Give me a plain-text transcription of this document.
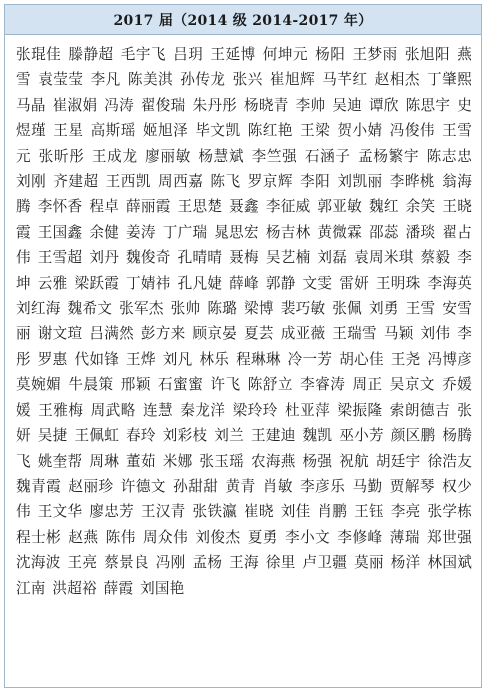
2017 届（2014 级 2014-2017 年）
张琨佳 滕静超 毛宇飞 吕玥 王延博 何坤元 杨阳 王梦雨 张旭阳 燕雪 袁莹莹 李凡 陈美淇 孙传龙 张兴 崔旭辉 马芊红 赵相杰 丁肇熙 马晶 崔淑娟 冯涛 翟俊瑞 朱丹彤 杨晓青 李帅 吴迪 谭欣 陈思宇 史煜瑾 王星 高斯瑶 姬旭泽 毕文凯 陈红艳 王梁 贺小婧 冯俊伟 王雪元 张昕彤 王成龙 廖丽敏 杨慧斌 李竺强 石涵子 孟杨繁宇 陈志忠 刘刚 齐建超 王西凯 周西嘉 陈飞 罗京辉 李阳 刘凯丽 李晔桃 翁海腾 李怀香 程卓 薛丽霞 王思楚 聂鑫 李征威 郭亚敏 魏红 余笑 王晓霞 王国鑫 余健 姜涛 丁广瑞 晁思宏 杨吉林 黄微霖 邵蕊 潘琰 翟占伟 王雪超 刘丹 魏俊奇 孔晴晴 聂梅 吴艺楠 刘磊 袁周米琪 蔡毅 李坤 云雅 梁跃霞 丁婧祎 孔凡婕 薛峰 郭静 文雯 雷妍 王明珠 李海英 刘红海 魏希文 张军杰 张帅 陈璐 梁博 裴巧敏 张佩 刘勇 王雪 安雪丽 谢文瑄 吕满然 彭方来 顾京晏 夏芸 成亚薇 王瑞雪 马颖 刘伟 李彤 罗惠 代如锋 王烨 刘凡 林乐 程琳琳 冷一芳 胡心佳 王尧 冯博彦 莫婉媚 牛晨策 邢颖 石蜜蜜 许飞 陈舒立 李睿涛 周正 吴京文 乔媛媛 王雅梅 周武略 连慧 秦龙洋 梁玲玲 杜亚萍 梁振隆 索朗德吉 张妍 吴捷 王佩虹 春玲 刘彩枝 刘兰 王建迪 魏凯 巫小芳 颜区鹏 杨腾飞 姚奎帮 周琳 董茹 米娜 张玉瑶 农海燕 杨强 祝航 胡廷宇 徐浩友 魏青霞 赵丽珍 许德文 孙甜甜 黄青 肖敏 李彦乐 马勤 贾解琴 权少伟 王文华 廖忠芳 王汉青 张铁瀛 崔晓 刘佳 肖鹏 王钰 李亮 张学栋 程士彬 赵燕 陈伟 周众伟 刘俊杰 夏勇 李小文 李修峰 薄瑞 郑世强 沈海波 王亮 蔡景良 冯刚 孟杨 王海 徐里 卢卫疆 莫丽 杨洋 林国斌 江南 洪超裕 薛霞 刘国艳
